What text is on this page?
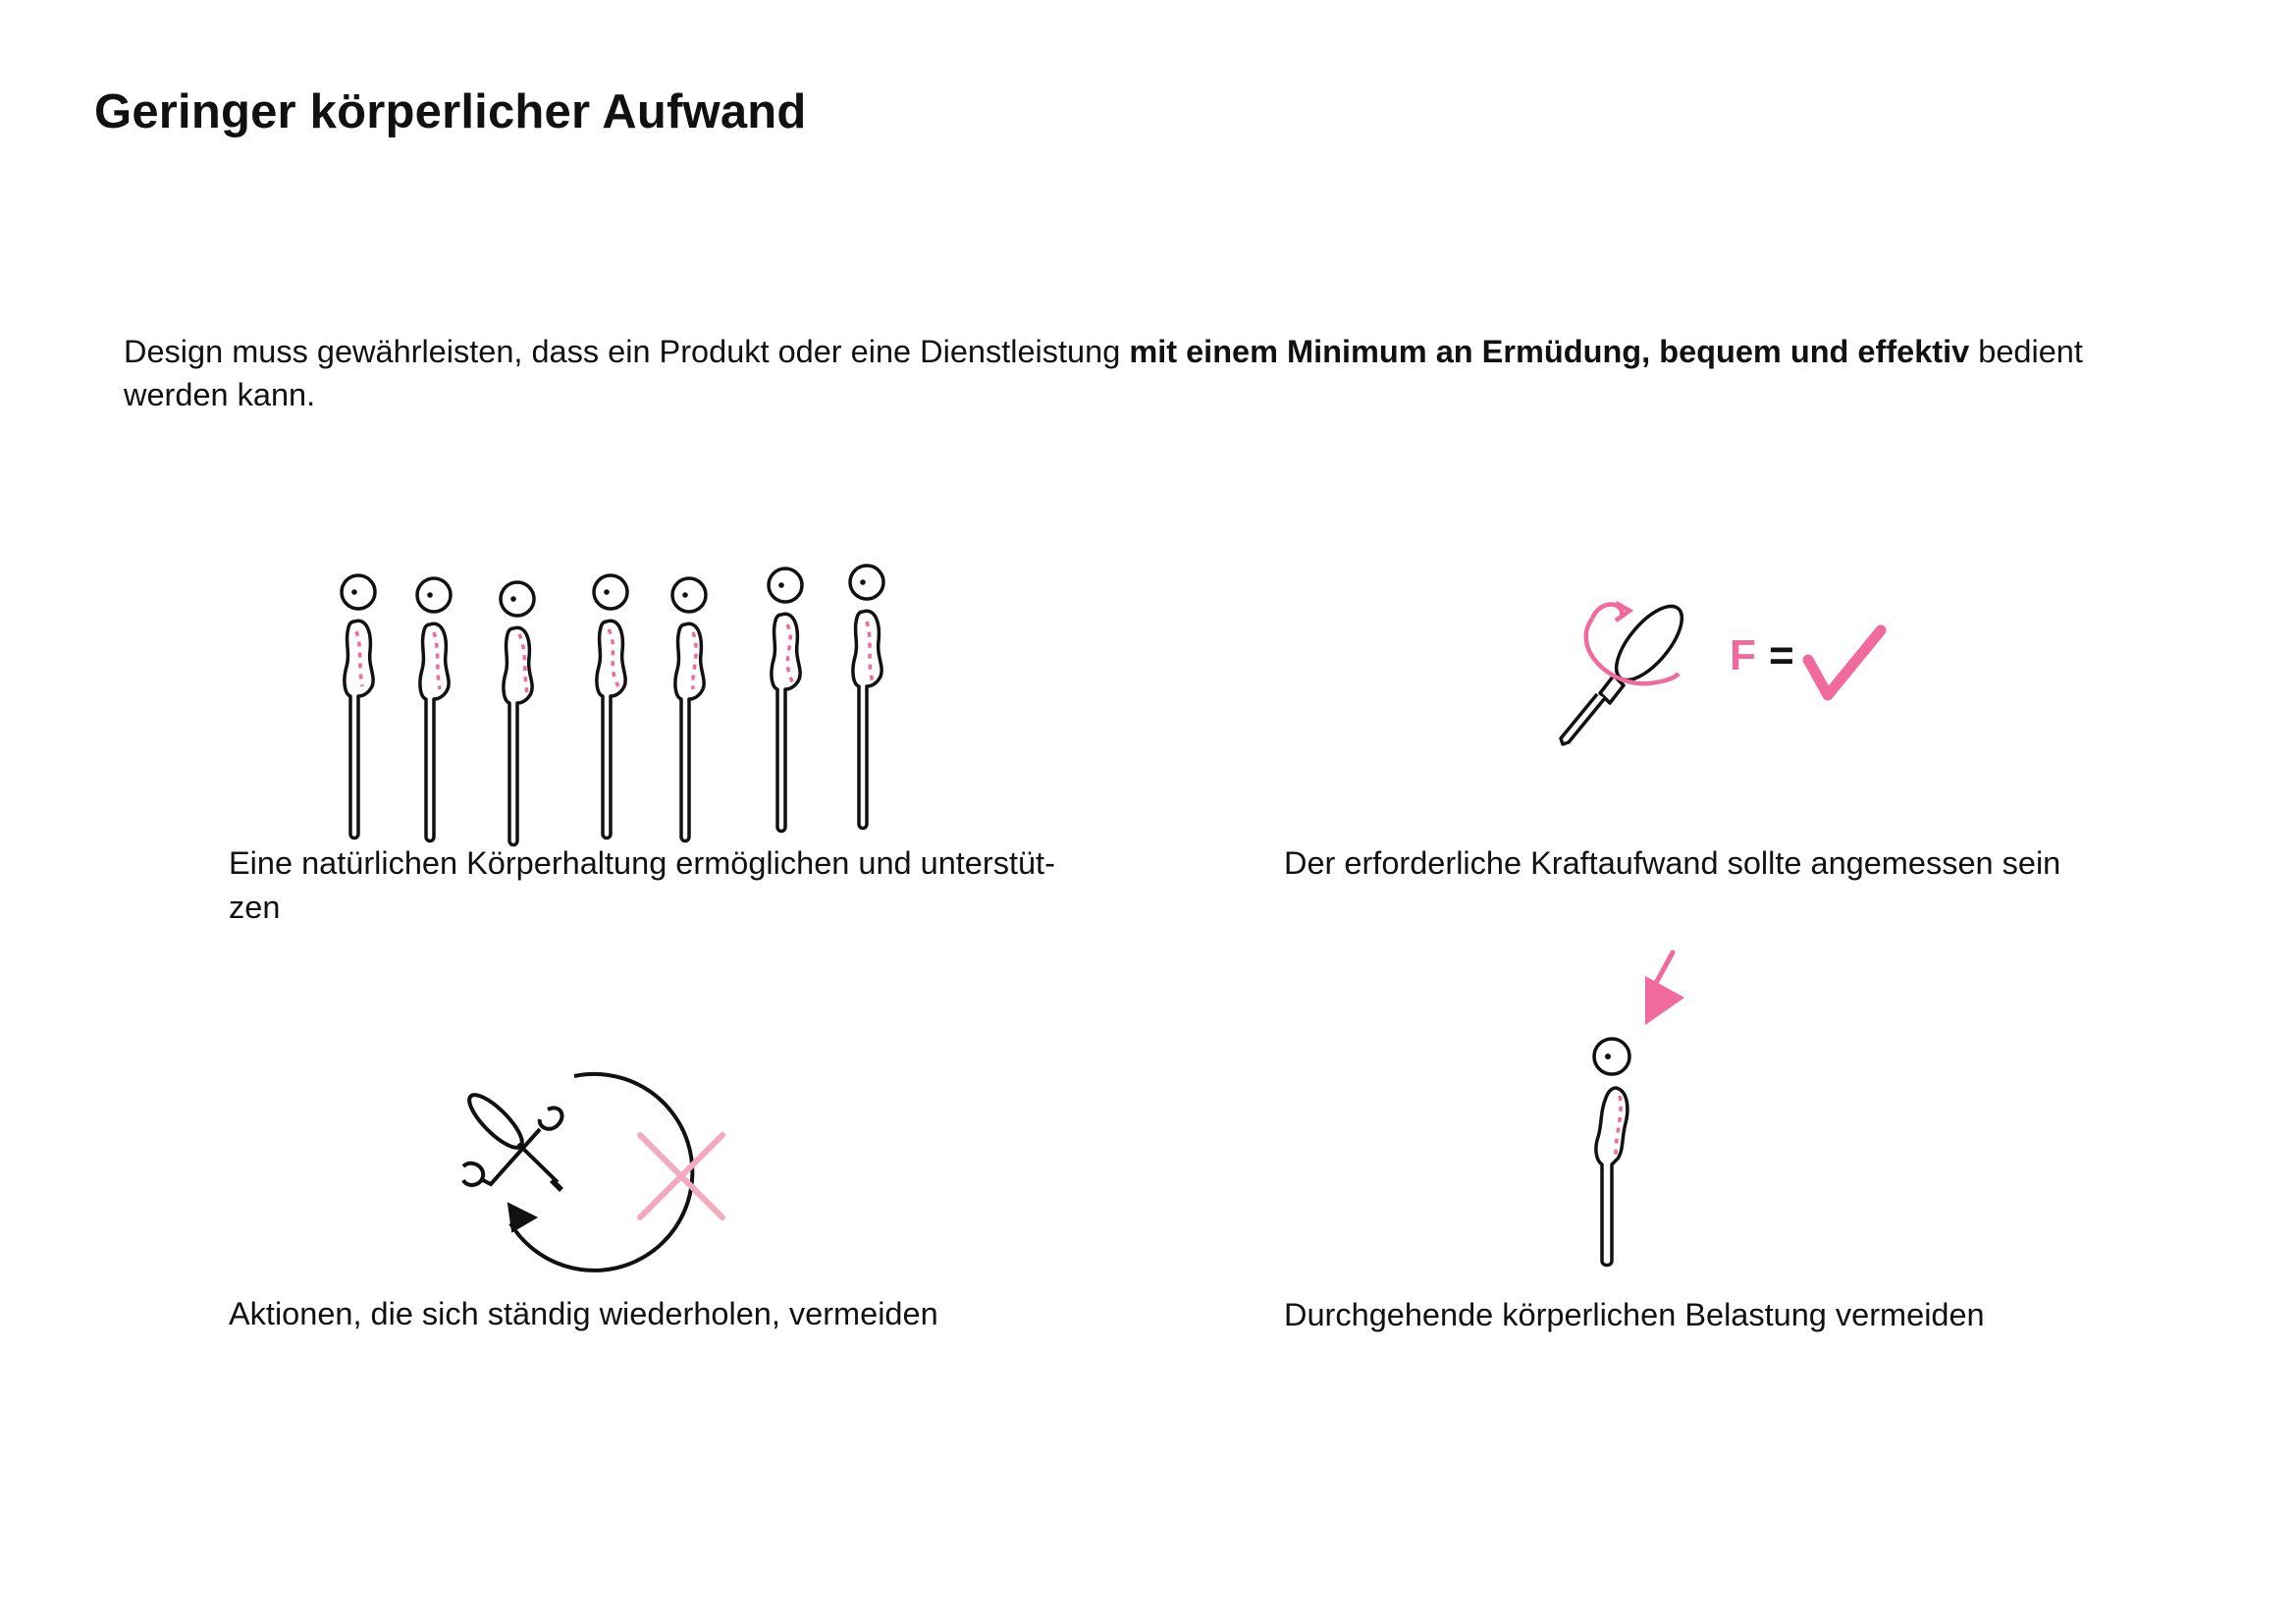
Geringer körperlicher Aufwand

Design muss gewährleisten, dass ein Produkt oder eine Dienstleistung mit einem Minimum an Ermüdung, bequem und effektiv bedient werden kann.

Eine natürlichen Körperhaltung ermöglichen und unterstüt-zen

F =

Der erforderliche Kraftaufwand sollte angemessen sein

Aktionen, die sich ständig wiederholen, vermeiden	Durchgehende körperlichen Belastung vermeiden
